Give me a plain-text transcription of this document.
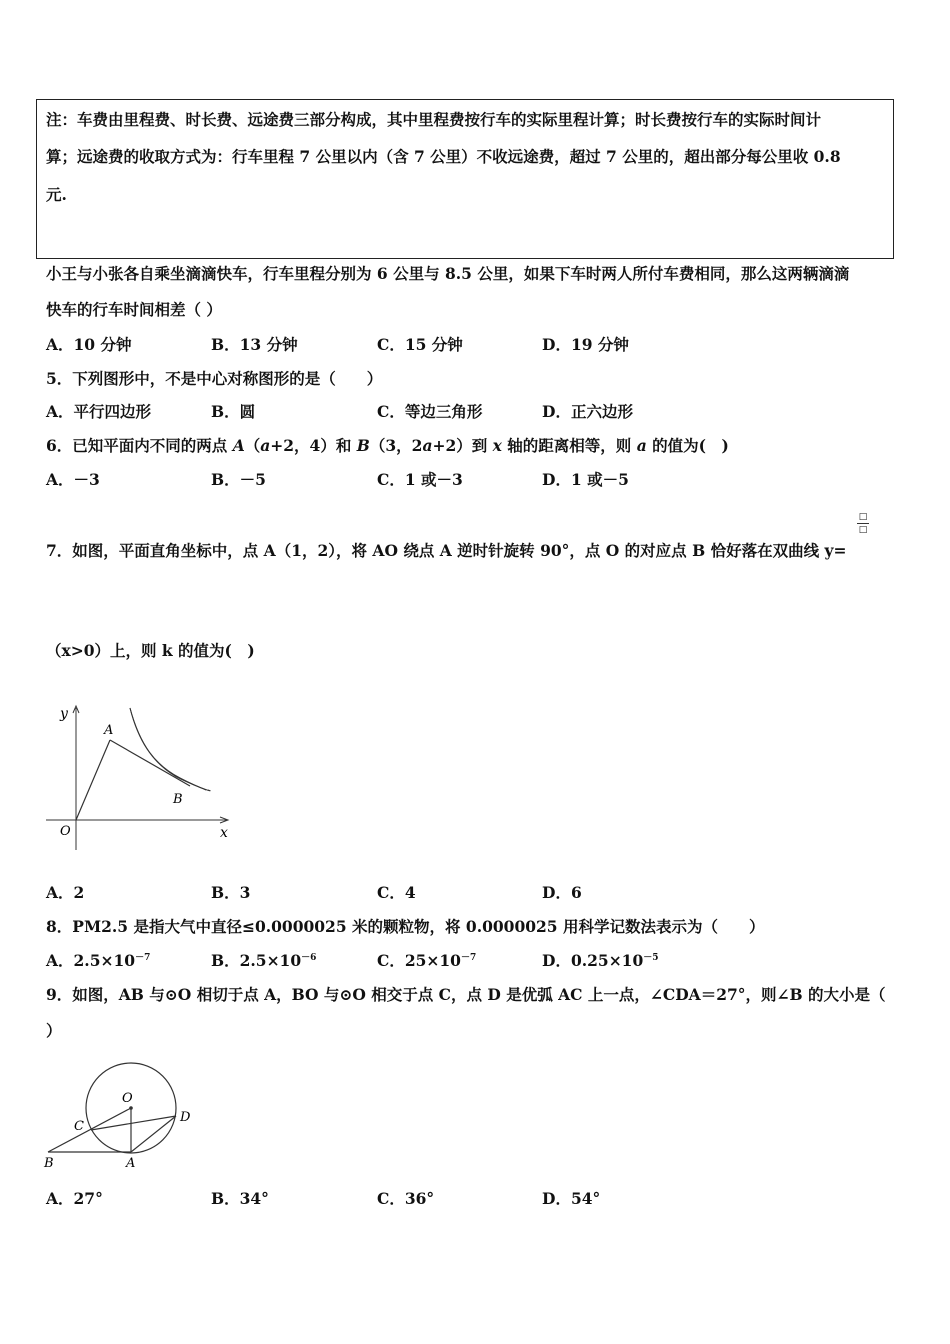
注：车费由里程费、时长费、远途费三部分构成，其中里程费按行车的实际里程计算；时长费按行车的实际时间计
算；远途费的收取方式为：行车里程 7 公里以内（含 7 公里）不收远途费，超过 7 公里的，超出部分每公里收 0.8
元.
小王与小张各自乘坐滴滴快车，行车里程分别为 6 公里与 8.5 公里，如果下车时两人所付车费相同，那么这两辆滴滴
快车的行车时间相差（ ）
A．10 分钟	B．13 分钟	C．15 分钟	D．19 分钟
5．下列图形中，不是中心对称图形的是（　　）
A．平行四边形	B．圆	C．等边三角形	D．正六边形
6．已知平面内不同的两点 A（a+2，4）和 B（3，2a+2）到 x 轴的距离相等，则 a 的值为(　)
A．－3	B．－5	C．1 或－3	D．1 或－5
7．如图，平面直角坐标中，点 A（1，2），将 AO 绕点 A 逆时针旋转 90°，点 O 的对应点 B 恰好落在双曲线 y=
□
□
（x>0）上，则 k 的值为(　)
y
x
A
B
O
A．2	B．3	C．4	D．6
8．PM2.5 是指大气中直径≤0.0000025 米的颗粒物，将 0.0000025 用科学记数法表示为（　　）
A．$2.5\times 10^{-7}$	B．$2.5\times 10^{-6}$	C．$25\times 10^{-7}$	D．$0.25\times 10^{-5}$
9．如图，AB 与⊙O 相切于点 A，BO 与⊙O 相交于点 C，点 D 是优弧 AC 上一点，∠CDA＝27°，则∠B 的大小是（
）
O
C
D
B	A
A．27°	B．34°	C．36°	D．54°
